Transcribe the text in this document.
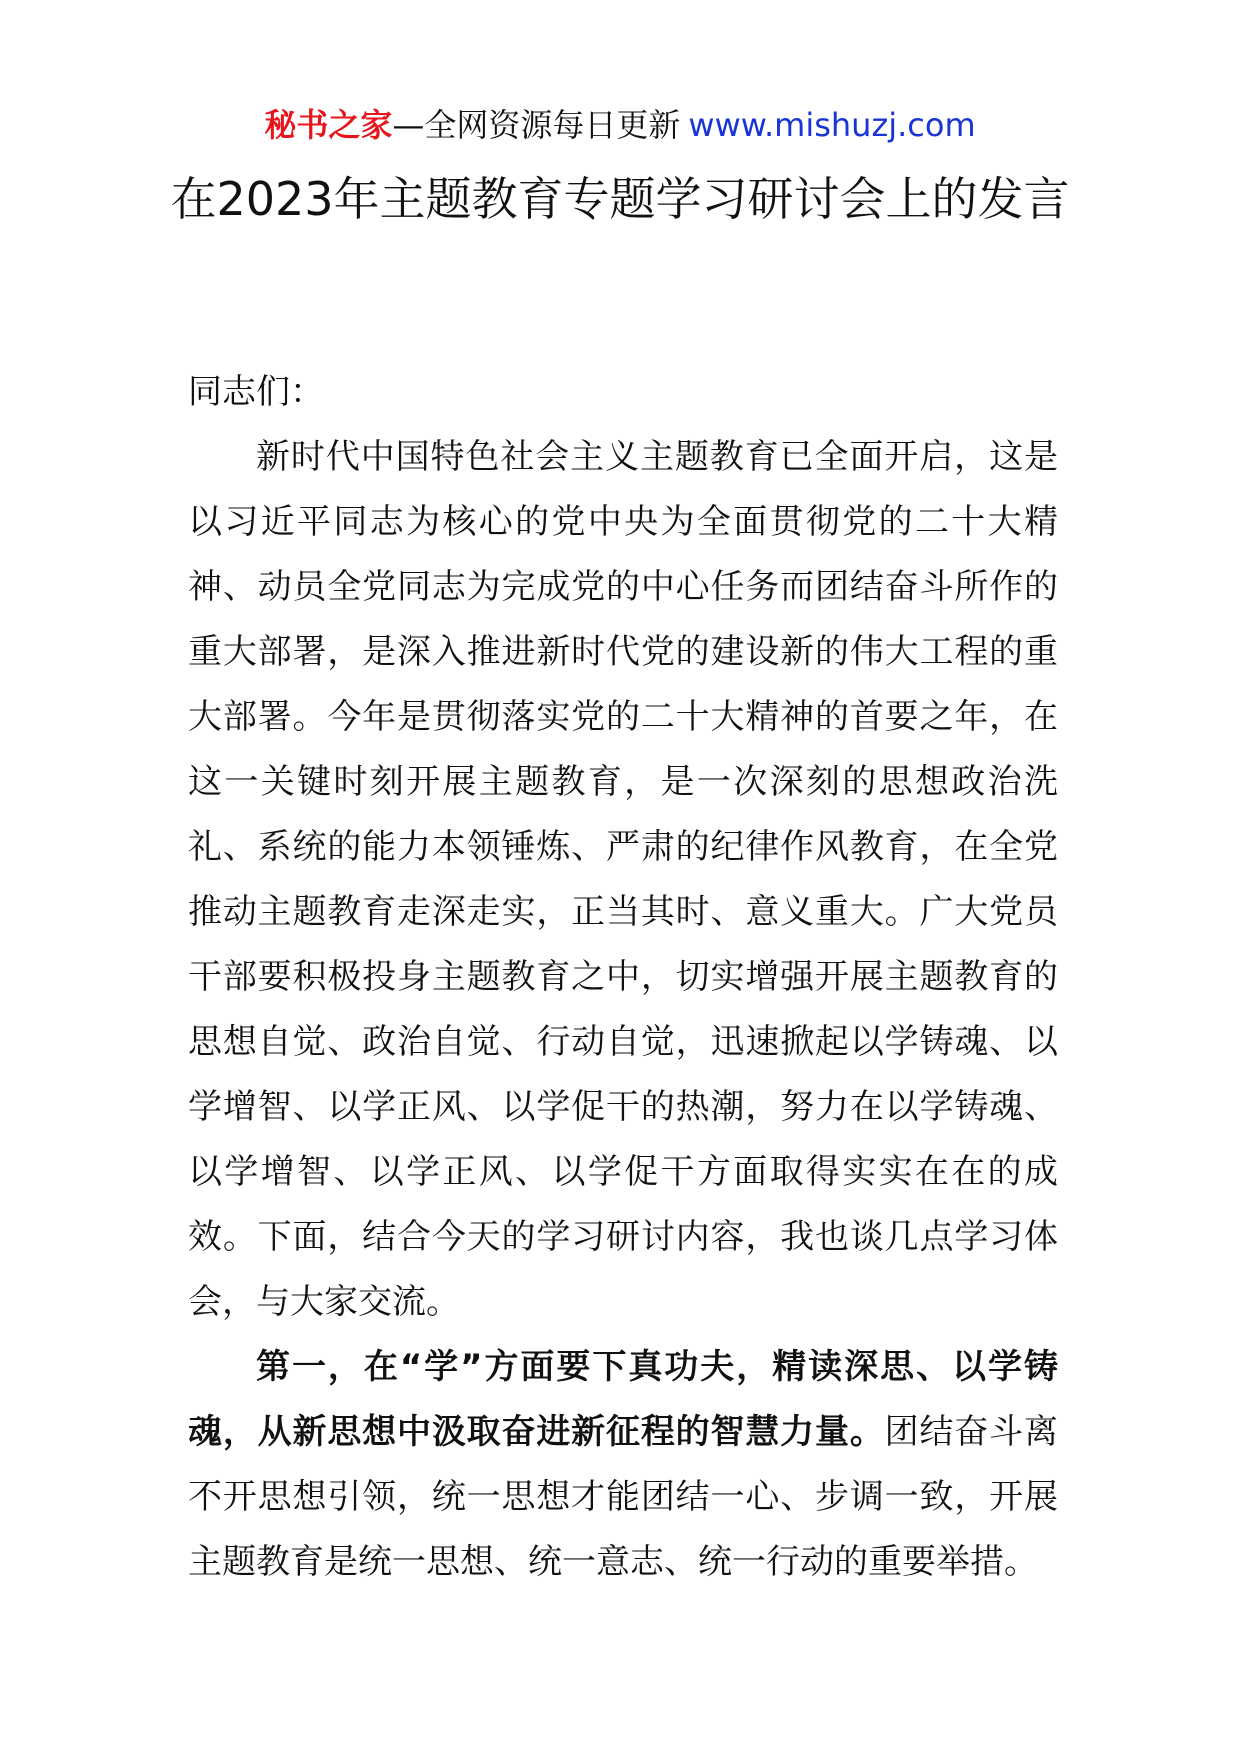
秘书之家—全网资源每日更新 www.mishuzj.com
在2023年主题教育专题学习研讨会上的发言

同志们：

新时代中国特色社会主义主题教育已全面开启，这是以习近平同志为核心的党中央为全面贯彻党的二十大精神、动员全党同志为完成党的中心任务而团结奋斗所作的重大部署，是深入推进新时代党的建设新的伟大工程的重大部署。今年是贯彻落实党的二十大精神的首要之年，在这一关键时刻开展主题教育，是一次深刻的思想政治洗礼、系统的能力本领锤炼、严肃的纪律作风教育，在全党推动主题教育走深走实，正当其时、意义重大。广大党员干部要积极投身主题教育之中，切实增强开展主题教育的思想自觉、政治自觉、行动自觉，迅速掀起以学铸魂、以学增智、以学正风、以学促干的热潮，努力在以学铸魂、以学增智、以学正风、以学促干方面取得实实在在的成效。下面，结合今天的学习研讨内容，我也谈几点学习体会，与大家交流。

第一，在“学”方面要下真功夫，精读深思、以学铸魂，从新思想中汲取奋进新征程的智慧力量。团结奋斗离不开思想引领，统一思想才能团结一心、步调一致，开展主题教育是统一思想、统一意志、统一行动的重要举措。
